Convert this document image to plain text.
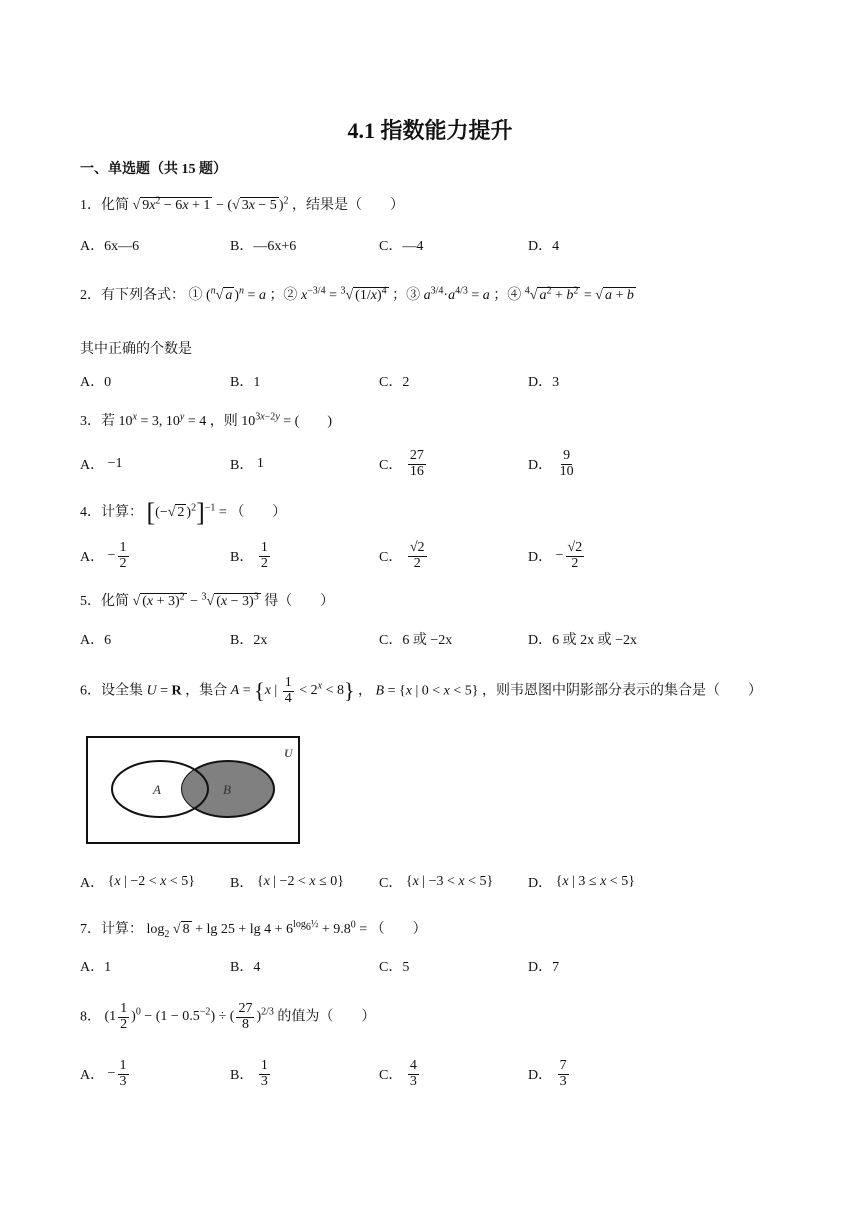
4.1 指数能力提升
一、单选题（共 15 题）
1．化简 √ $9x^2 - 6x + 1$ − (√ 3x − 5 )$^2$ ，结果是（　　）
A．6x—6	B．—6x+6	C．—4	D．4
2．有下列各式： ① ($^n$√ a )$^n$ = a ；② $x^{-3/4} = ^3√$ $(1/x)^4$ ；③ $a^{3/4}\cdot a^{4/3} = a$ ；④ $^4$√ $a^2 + b^2$ = √ a + b
其中正确的个数是
A．0	B．1	C．2	D．3
3．若 $10^x = 3$, $10^y = 4$ ，则 $10^{3x-2y}$ = (　　)
A．
−1	B．
1	C．
$\frac{27}{16}$	D．
$\frac{9}{10}$
4．计算： [(−√ 2 )$^2$]$^{-1}$ = （　　）
A． − $\frac{1}{2}$	B．
$\frac{1}{2}$	C．
$\frac{√2}{2}$	D． − $\frac{√2}{2}$
5．化简 √ $(x + 3)^2 - ^3√$ $(x - 3)^3$ 得（　　）
A．6	B．2x	C．6 或 −2x	D．6 或 2x 或 −2x
6．设全集 U = R ，集合 A = {x | $\frac{1}{4} < 2^x < 8$} ， B = {x | 0 < x < 5} ，则韦恩图中阴影部分表示的集合是（　　）
U
A	B
A．
{x | −2 < x < 5} B．
{x | −2 < x ≤ 0} C．
{x | −3 < x < 5} D．
{x | 3 ≤ x < 5}
7．计算： $\log_2$ √ $8 + \lg 25 + \lg 4 + 6^{log_6\frac{1}{2}} + 9.8^0$ = （　　）
A．1	B．4	C．5	D．7
8． $(1 \frac{1}{2} )^0 - (1 - 0.5^{-2})$ ÷ ( $\frac{27}{8} )^{2/3}$ 的值为（　　）
A． − $\frac{1}{3}$	B．
$\frac{1}{3}$	C．
$\frac{4}{3}$	D．
$\frac{7}{3}$
